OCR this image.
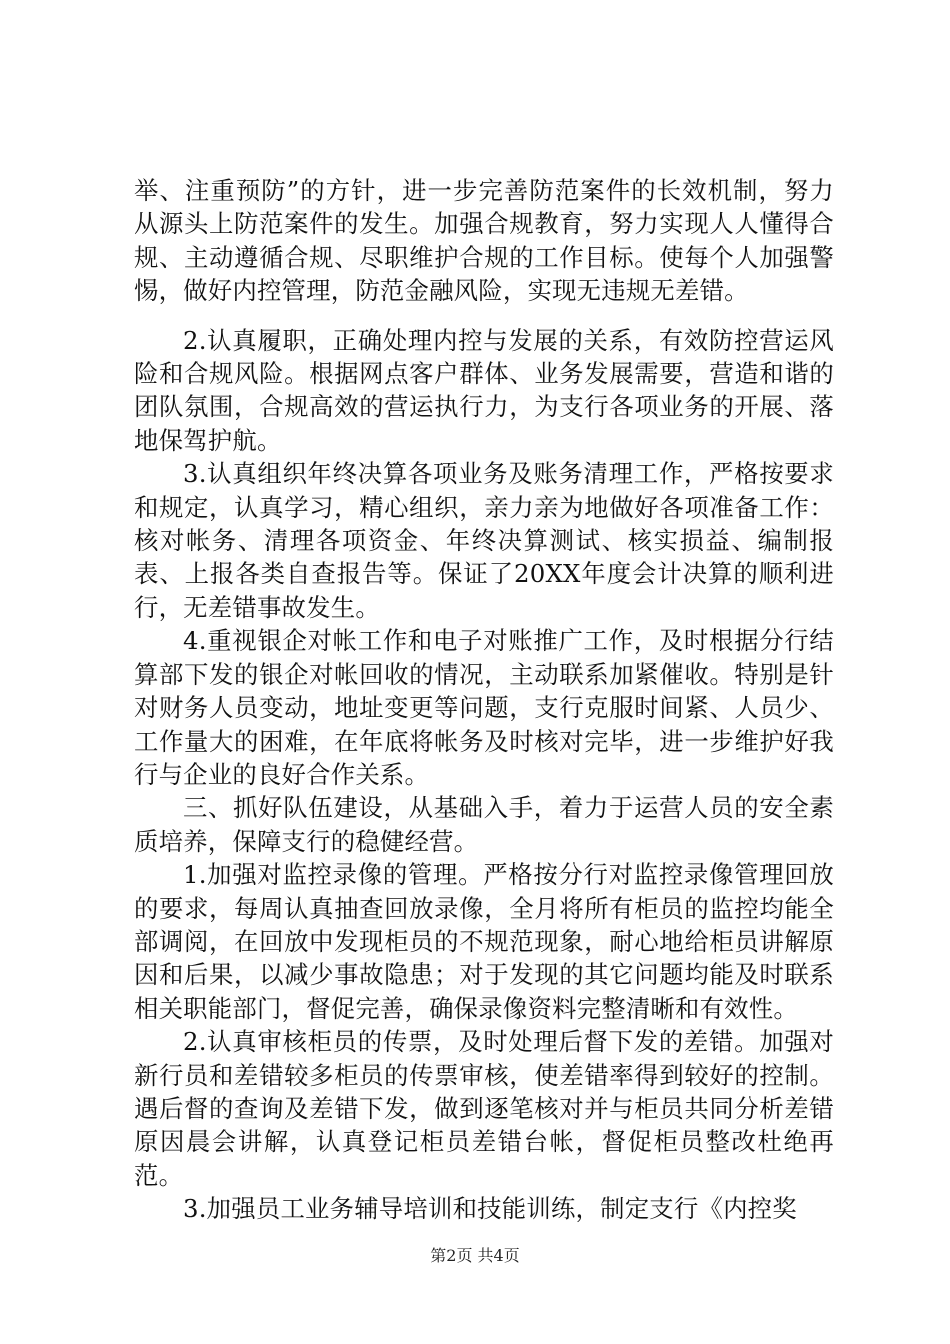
举、注重预防”的方针，进一步完善防范案件的长效机制，努力从源头上防范案件的发生。加强合规教育，努力实现人人懂得合规、主动遵循合规、尽职维护合规的工作目标。使每个人加强警惕，做好内控管理，防范金融风险，实现无违规无差错。

2.认真履职，正确处理内控与发展的关系，有效防控营运风险和合规风险。根据网点客户群体、业务发展需要，营造和谐的团队氛围，合规高效的营运执行力，为支行各项业务的开展、落地保驾护航。

3.认真组织年终决算各项业务及账务清理工作，严格按要求和规定，认真学习，精心组织，亲力亲为地做好各项准备工作：核对帐务、清理各项资金、年终决算测试、核实损益、编制报表、上报各类自查报告等。保证了20XX年度会计决算的顺利进行，无差错事故发生。

4.重视银企对帐工作和电子对账推广工作，及时根据分行结算部下发的银企对帐回收的情况，主动联系加紧催收。特别是针对财务人员变动，地址变更等问题，支行克服时间紧、人员少、工作量大的困难，在年底将帐务及时核对完毕，进一步维护好我行与企业的良好合作关系。

三、抓好队伍建设，从基础入手，着力于运营人员的安全素质培养，保障支行的稳健经营。

1.加强对监控录像的管理。严格按分行对监控录像管理回放的要求，每周认真抽查回放录像，全月将所有柜员的监控均能全部调阅，在回放中发现柜员的不规范现象，耐心地给柜员讲解原因和后果，以减少事故隐患；对于发现的其它问题均能及时联系相关职能部门，督促完善，确保录像资料完整清晰和有效性。

2.认真审核柜员的传票，及时处理后督下发的差错。加强对新行员和差错较多柜员的传票审核，使差错率得到较好的控制。遇后督的查询及差错下发，做到逐笔核对并与柜员共同分析差错原因晨会讲解，认真登记柜员差错台帐，督促柜员整改杜绝再范。

3.加强员工业务辅导培训和技能训练，制定支行《内控奖

第2页 共4页
